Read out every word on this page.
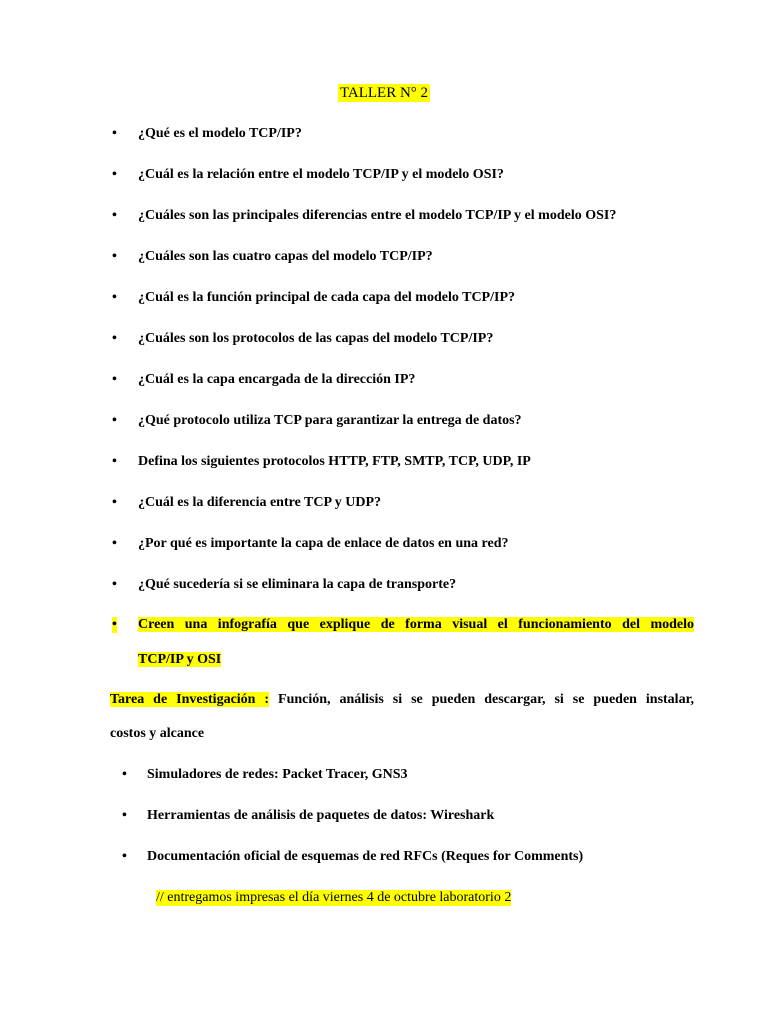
TALLER N° 2
• ¿Qué es el modelo TCP/IP?
• ¿Cuál es la relación entre el modelo TCP/IP y el modelo OSI?
• ¿Cuáles son las principales diferencias entre el modelo TCP/IP y el modelo OSI?
• ¿Cuáles son las cuatro capas del modelo TCP/IP?
• ¿Cuál es la función principal de cada capa del modelo TCP/IP?
• ¿Cuáles son los protocolos de las capas del modelo TCP/IP?
• ¿Cuál es la capa encargada de la dirección IP?
• ¿Qué protocolo utiliza TCP para garantizar la entrega de datos?
• Defina los siguientes protocolos HTTP, FTP, SMTP, TCP, UDP, IP
• ¿Cuál es la diferencia entre TCP y UDP?
• ¿Por qué es importante la capa de enlace de datos en una red?
• ¿Qué sucedería si se eliminara la capa de transporte?
• Creen una infografía que explique de forma visual el funcionamiento del modelo
TCP/IP y OSI
Tarea de Investigación : Función, análisis si se pueden descargar, si se pueden instalar,
costos y alcance
• Simuladores de redes: Packet Tracer, GNS3
• Herramientas de análisis de paquetes de datos: Wireshark
• Documentación oficial de esquemas de red RFCs (Reques for Comments)
// entregamos impresas el día viernes 4 de octubre laboratorio 2
